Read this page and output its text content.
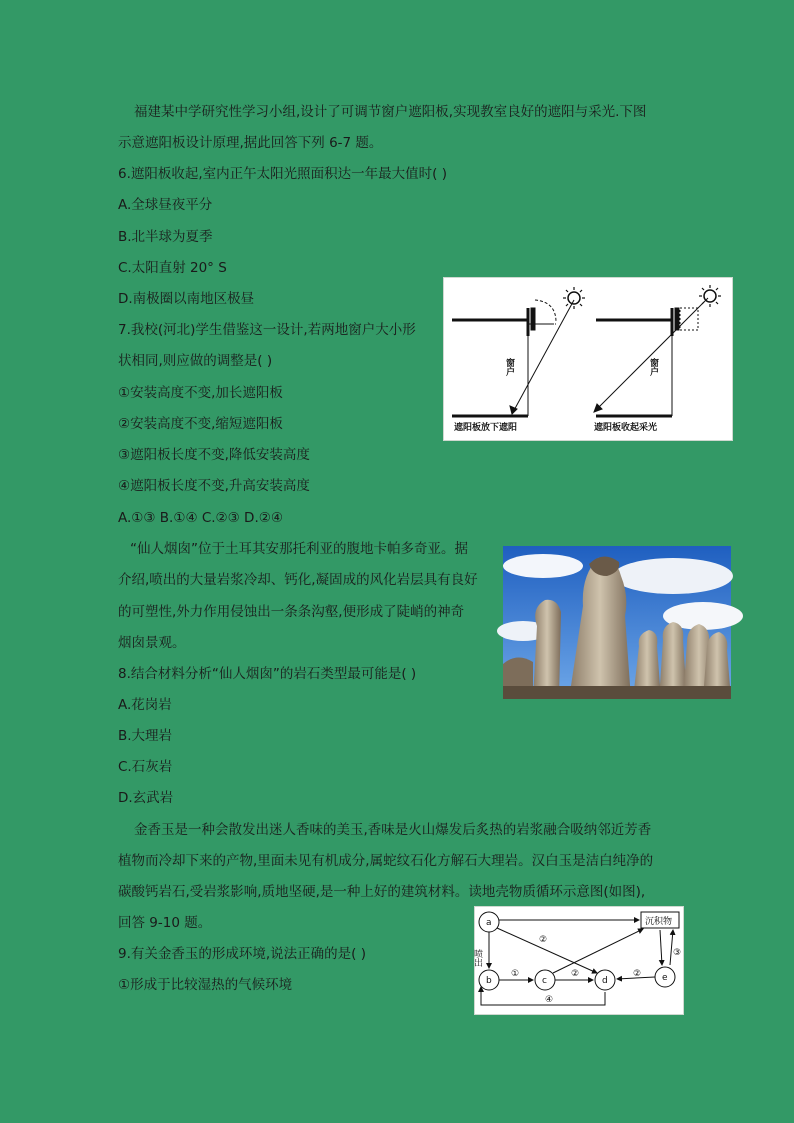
福建某中学研究性学习小组,设计了可调节窗户遮阳板,实现教室良好的遮阳与采光.下图
示意遮阳板设计原理,据此回答下列 6-7 题。
6.遮阳板收起,室内正午太阳光照面积达一年最大值时( )
A.全球昼夜平分
B.北半球为夏季
C.太阳直射 20° S
D.南极圈以南地区极昼
7.我校(河北)学生借鉴这一设计,若两地窗户大小形
状相同,则应做的调整是( )
①安装高度不变,加长遮阳板
②安装高度不变,缩短遮阳板
③遮阳板长度不变,降低安装高度
④遮阳板长度不变,升高安装高度
A.①③ B.①④ C.②③ D.②④
窗户	窗户
遮阳板放下遮阳	遮阳板收起采光
“仙人烟囱”位于土耳其安那托利亚的腹地卡帕多奇亚。据
介绍,喷出的大量岩浆冷却、钙化,凝固成的风化岩层具有良好
的可塑性,外力作用侵蚀出一条条沟壑,便形成了陡峭的神奇
烟囱景观。
8.结合材料分析“仙人烟囱”的岩石类型最可能是( )
A.花岗岩
B.大理岩
C.石灰岩
D.玄武岩
金香玉是一种会散发出迷人香味的美玉,香味是火山爆发后炙热的岩浆融合吸纳邻近芳香
植物而冷却下来的产物,里面未见有机成分,属蛇纹石化方解石大理岩。汉白玉是洁白纯净的
碳酸钙岩石,受岩浆影响,质地坚硬,是一种上好的建筑材料。读地壳物质循环示意图(如图),
回答 9-10 题。
9.有关金香玉的形成环境,说法正确的是( )
①形成于比较湿热的气候环境
a
b	c	d	e
沉积物
喷出
①
②
②	②
③
④
